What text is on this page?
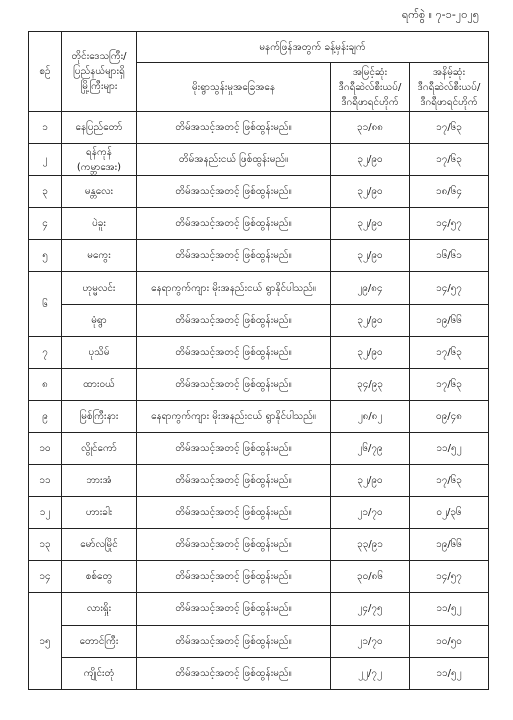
ရက်စွဲ ။ ၇-၁-၂၀၂၅
စဉ်	တိုင်းဒေသကြီး/
ပြည်နယ်များရှိ
မြို့ကြီးများ	မနက်ဖြန်အတွက် ခန့်မှန်းချက်		
		မိုးရွာသွန်းမှုအခြေအနေ	အမြင့်ဆုံး
ဒီဂရီဆဲလ်စီးယပ်/
ဒီဂရီဖာရင်ဟိုက်	အနိမ့်ဆုံး
ဒီဂရီဆဲလ်စီးယပ်/
ဒီဂရီဖာရင်ဟိုက်

၁	နေပြည်တော်	တိမ်အသင့်အတင့် ဖြစ်ထွန်းမည်။	၃၁/၈၈	၁၇/၆၃
၂	ရန်ကုန်
(ကမ္ဘာအေး)	တိမ်အနည်းငယ် ဖြစ်ထွန်းမည်။	၃၂/၉၀	၁၇/၆၃
၃	မန္တလေး	တိမ်အသင့်အတင့် ဖြစ်ထွန်းမည်။	၃၂/၉၀	၁၈/၆၄
၄	ပဲခူး	တိမ်အသင့်အတင့် ဖြစ်ထွန်းမည်။	၃၂/၉၀	၁၄/၅၇
၅	မကွေး	တိမ်အသင့်အတင့် ဖြစ်ထွန်းမည်။	၃၂/၉၀	၁၆/၆၁
၆	ဟုမ္မလင်း	နေရာကွက်ကျား မိုးအနည်းငယ် ရွာနိုင်ပါသည်။	၂၉/၈၄	၁၄/၅၇
	မုံရွာ	တိမ်အသင့်အတင့် ဖြစ်ထွန်းမည်။	၃၂/၉၀	၁၉/၆၆
၇	ပုသိမ်	တိမ်အသင့်အတင့် ဖြစ်ထွန်းမည်။	၃၂/၉၀	၁၇/၆၃
၈	ထားဝယ်	တိမ်အသင့်အတင့် ဖြစ်ထွန်းမည်။	၃၄/၉၃	၁၇/၆၃
၉	မြစ်ကြီးနား	နေရာကွက်ကျား မိုးအနည်းငယ် ရွာနိုင်ပါသည်။	၂၈/၈၂	၀၉/၄၈
၁၀	လွိုင်ကော်	တိမ်အသင့်အတင့် ဖြစ်ထွန်းမည်။	၂၆/၇၉	၁၁/၅၂
၁၁	ဘားအံ	တိမ်အသင့်အတင့် ဖြစ်ထွန်းမည်။	၃၂/၉၀	၁၇/၆၃
၁၂	ဟားခါး	တိမ်အသင့်အတင့် ဖြစ်ထွန်းမည်။	၂၁/၇၀	၀၂/၃၆
၁၃	မော်လမြိုင်	တိမ်အသင့်အတင့် ဖြစ်ထွန်းမည်။	၃၃/၉၁	၁၉/၆၆
၁၄	စစ်တွေ	တိမ်အသင့်အတင့် ဖြစ်ထွန်းမည်။	၃၀/၈၆	၁၄/၅၇
၁၅	လားရှိုး	တိမ်အသင့်အတင့် ဖြစ်ထွန်းမည်။	၂၄/၇၅	၁၁/၅၂
	တောင်ကြီး	တိမ်အသင့်အတင့် ဖြစ်ထွန်းမည်။	၂၁/၇၀	၁၀/၅၀
	ကျိုင်းတုံ	တိမ်အသင့်အတင့် ဖြစ်ထွန်းမည်။	၂၂/၇၂	၁၁/၅၂
